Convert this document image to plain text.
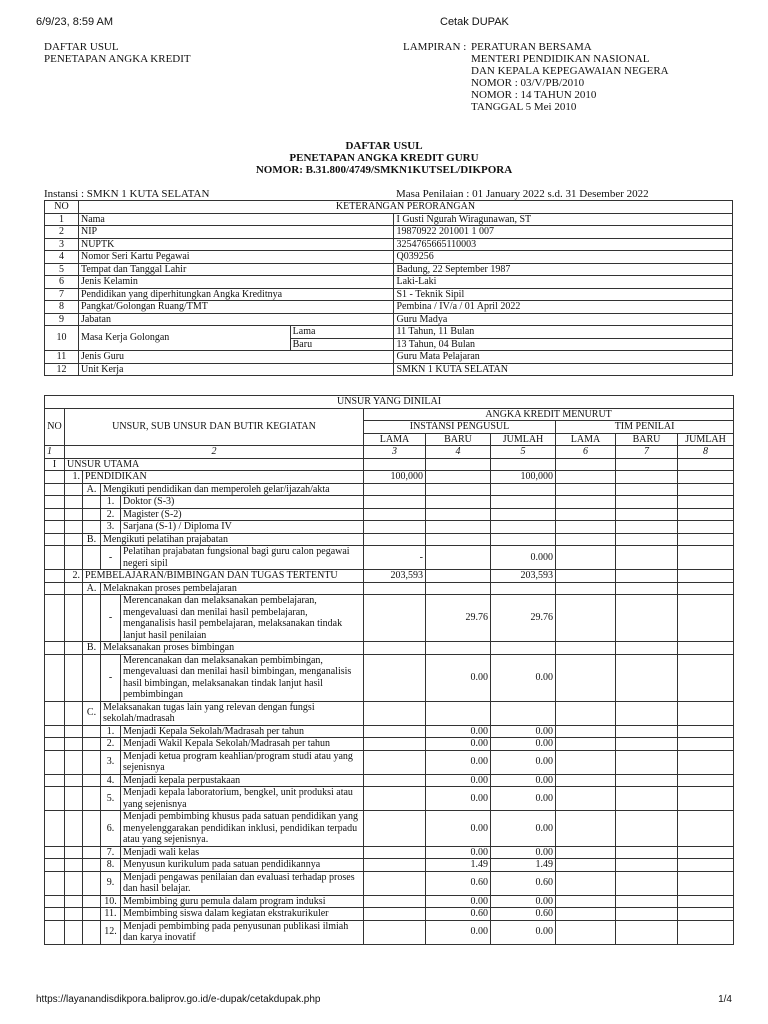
6/9/23, 8:59 AM	Cetak DUPAK
DAFTAR USUL
PENETAPAN ANGKA KREDIT
LAMPIRAN : PERATURAN BERSAMA
MENTERI PENDIDIKAN NASIONAL
DAN KEPALA KEPEGAWAIAN NEGERA
NOMOR : 03/V/PB/2010
NOMOR : 14 TAHUN 2010
TANGGAL 5 Mei 2010
DAFTAR USUL
PENETAPAN ANGKA KREDIT GURU
NOMOR: B.31.800/4749/SMKN1KUTSEL/DIKPORA
Instansi : SMKN 1 KUTA SELATAN	Masa Penilaian : 01 January 2022 s.d. 31 Desember 2022
NO	KETERANGAN PERORANGAN		
1	Nama		I Gusti Ngurah Wiragunawan, ST
2	NIP		19870922 201001 1 007
3	NUPTK		3254765665110003
4	Nomor Seri Kartu Pegawai		Q039256
5	Tempat dan Tanggal Lahir		Badung, 22 September 1987
6	Jenis Kelamin		Laki-Laki
7	Pendidikan yang diperhitungkan Angka Kreditnya		S1 - Teknik Sipil
8	Pangkat/Golongan Ruang/TMT		Pembina / IV/a / 01 April 2022
9	Jabatan		Guru Madya
10	Masa Kerja Golongan	Lama	11 Tahun, 11 Bulan
		Baru	13 Tahun, 04 Bulan
11	Jenis Guru		Guru Mata Pelajaran
12	Unit Kerja		SMKN 1 KUTA SELATAN
UNSUR YANG DINILAI										
NO	UNSUR, SUB UNSUR DAN BUTIR KEGIATAN				ANGKA KREDIT MENURUT					
					INSTANSI PENGUSUL			TIM PENILAI		
					LAMA	BARU	JUMLAH	LAMA	BARU	JUMLAH
1	2				3	4	5	6	7	8
I	UNSUR UTAMA									
	1.	PENDIDIKAN			100,000		100,000			
		A.	Mengikuti pendidikan dan memperoleh gelar/ijazah/akta							
			1.	Doktor (S-3)						
			2.	Magister (S-2)						
			3.	Sarjana (S-1) / Diploma IV						
		B.	Mengikuti pelatihan prajabatan							
			-	Pelatihan prajabatan fungsional bagi guru calon pegawai negeri sipil	-		0.000			
	2.	PEMBELAJARAN/BIMBINGAN DAN TUGAS TERTENTU			203,593		203,593			
		A.	Melaknakan proses pembelajaran							
			-	Merencanakan dan melaksanakan pembelajaran, mengevaluasi dan menilai hasil pembelajaran, menganalisis hasil pembelajaran, melaksanakan tindak lanjut hasil penilaian		29.76	29.76			
		B.	Melaksanakan proses bimbingan							
			-	Merencanakan dan melaksanakan pembimbingan, mengevaluasi dan menilai hasil bimbingan, menganalisis hasil bimbingan, melaksanakan tindak lanjut hasil pembimbingan		0.00	0.00			
		C.	Melaksanakan tugas lain yang relevan dengan fungsi sekolah/madrasah							
			1.	Menjadi Kepala Sekolah/Madrasah per tahun		0.00	0.00			
			2.	Menjadi Wakil Kepala Sekolah/Madrasah per tahun		0.00	0.00			
			3.	Menjadi ketua program keahlian/program studi atau yang sejenisnya		0.00	0.00			
			4.	Menjadi kepala perpustakaan		0.00	0.00			
			5.	Menjadi kepala laboratorium, bengkel, unit produksi atau yang sejenisnya		0.00	0.00			
			6.	Menjadi pembimbing khusus pada satuan pendidikan yang menyelenggarakan pendidikan inklusi, pendidikan terpadu atau yang sejenisnya.		0.00	0.00			
			7.	Menjadi wali kelas		0.00	0.00			
			8.	Menyusun kurikulum pada satuan pendidikannya		1.49	1.49			
			9.	Menjadi pengawas penilaian dan evaluasi terhadap proses dan hasil belajar.		0.60	0.60			
			10.	Membimbing guru pemula dalam program induksi		0.00	0.00			
			11.	Membimbing siswa dalam kegiatan ekstrakurikuler		0.60	0.60			
			12.	Menjadi pembimbing pada penyusunan publikasi ilmiah dan karya inovatif		0.00	0.00			
https://layanandisdikpora.baliprov.go.id/e-dupak/cetakdupak.php	1/4
